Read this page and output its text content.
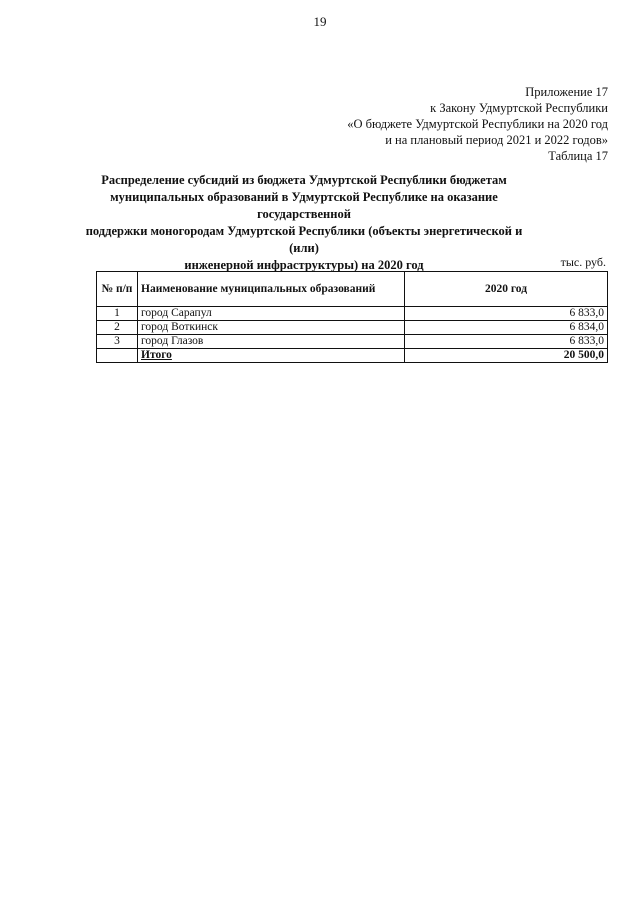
19
Приложение 17
к Закону Удмуртской Республики
«О бюджете Удмуртской Республики на 2020 год
и на плановый период 2021 и 2022 годов»
Таблица 17
Распределение субсидий из бюджета Удмуртской Республики бюджетам
муниципальных образований в Удмуртской Республике на оказание государственной
поддержки моногородам Удмуртской Республики (объекты энергетической и (или)
инженерной инфраструктуры) на 2020 год	тыс. руб.
№ п/п	Наименование муниципальных образований	2020 год
1	город Сарапул	6 833,0
2	город Воткинск	6 834,0
3	город Глазов	6 833,0
	Итого	20 500,0
